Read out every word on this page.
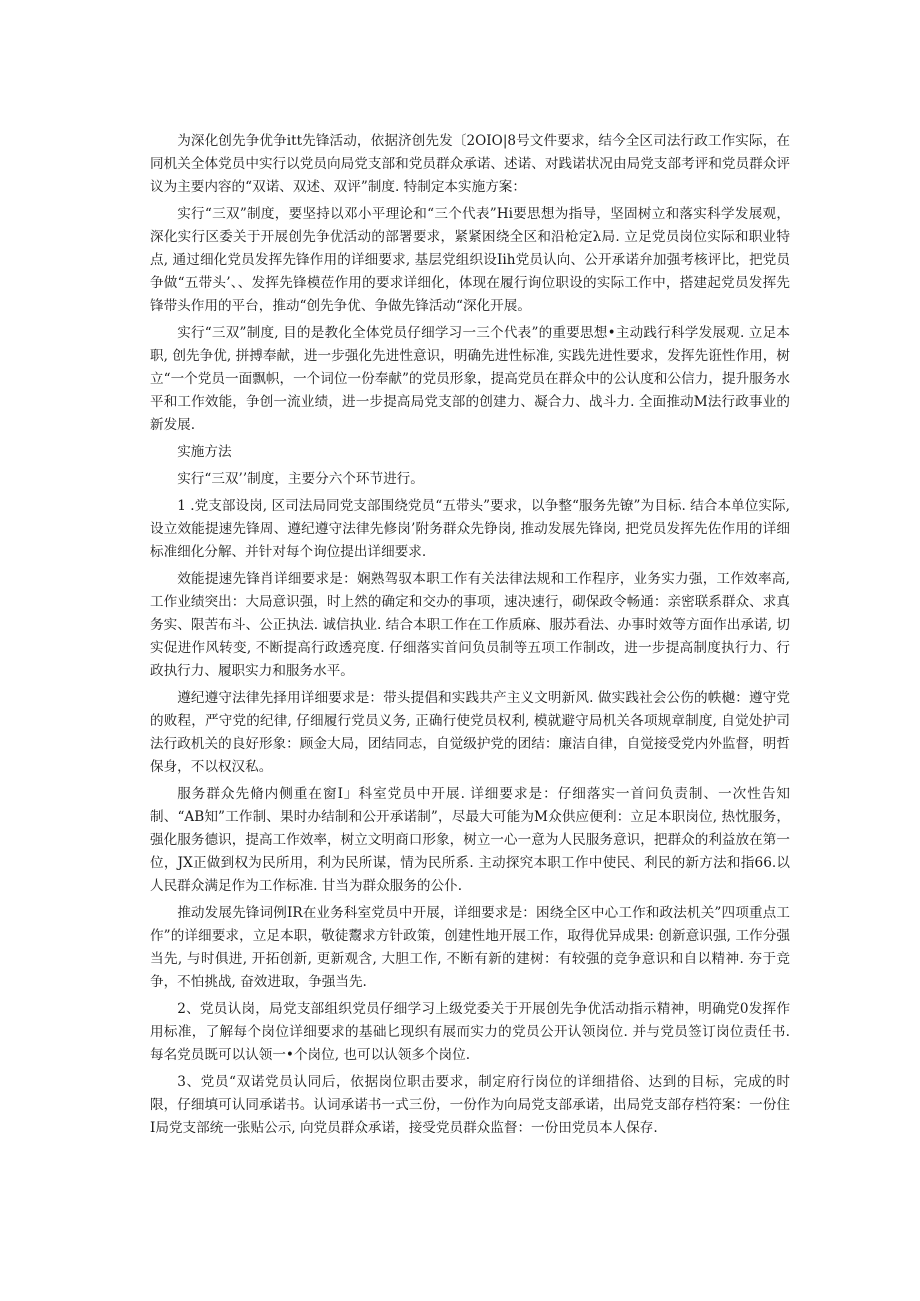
为深化创先争优争itt先锋活动，依据济创先发〔2OIO|8号文件要求，结今全区司法行政工作实际，在同机关全体党员中实行以党员向局党支部和党员群众承诺、述诺、对践诺状况由局党支部考评和党员群众评议为主要内容的“双诺、双述、双评”制度. 特制定本实施方案：

实行“三双”制度，要坚持以邓小平理论和“三个代表”Hi要思想为指导，坚固树立和落实科学发展观，深化实行区委关于开展创先争优活动的部署要求，紧紧困绕全区和沿枪定λ局. 立足党员岗位实际和职业特点, 通过细化党员发挥先锋作用的详细要求, 基层党组织设Iih党员认向、公开承诺弁加强考核评比，把党员争做“五带头’、、发挥先锋模莅作用的要求详细化，体现在履行询位职设的实际工作中，搭建起党员发挥先锋带头作用的平台，推动“创先争优、争做先锋活动“深化开展。

实行“三双”制度, 目的是教化全体党员仔细学习一三个代表”的重要思想•主动践行科学发展观. 立足本职, 创先争优, 拼搏奉献，进一步强化先进性意识，明确先进性标准, 实践先进性要求，发挥先诳性作用，树立“一个党员一面飘帜，一个词位一份奉献”的党员形象，提高党员在群众中的公认度和公信力，提升服务水平和工作效能，争创一流业绩，进一步提高局党支部的创建力、凝合力、战斗力. 全面推动M法行政事业的新发展.

实施方法

实行“三双’’制度，主要分六个环节进行。

1 .党支部设岗, 区司法局同党支部围绕党员“五带头”要求，以争整“服务先镣”为目标. 结合本单位实际, 设立效能提速先锋周、遵纪遵守法律先修岗’附务群众先铮岗, 推动发展先锋岗, 把党员发挥先佐作用的详细标准细化分解、并针对每个询位提出详细要求.

效能提速先锋肖详细要求是：娴熟驾驭本职工作有关法律法规和工作程序，业务实力强，工作效率高, 工作业绩突出：大局意识强，时上然的确定和交办的事项，速决速行，砌保政令畅通：亲密联系群众、求真务实、限苦布斗、公正执法. 诚信执业. 结合本职工作在工作质麻、服苏看法、办事时效等方面作出承诺, 切实促进作风转变, 不断提高行政透亮度. 仔细落实首问负员制等五项工作制改，进一步提高制度执行力、行政执行力、履职实力和服务水平。

遵纪遵守法律先择用详细要求是：带头提倡和实践共产主义文明新风. 做实践社会公伤的帙樾：遵守党的败程，严守党的纪律, 仔细履行党员义务, 正确行使党员权利, 模就避守局机关各项规章制度, 自觉处护司法行政机关的良好形象：顾金大局，团结同志，自觉级护党的团结：廉洁自律，自觉接受党内外监督，明哲保身，不以权汉私。

服务群众先脩内侧重在窗I」科室党员中开展. 详细要求是：仔细落实一首问负责制、一次性告知制、“AB知”工作制、果时办结制和公开承诺制”，尽最大可能为M众供应便利：立足本职岗位, 热忱服务，强化服务德识，提高工作效率，树立文明商口形象，树立一心一意为人民服务意识，把群众的利益放在第一位，JX正做到权为民所用，利为民所谋，情为民所系. 主动探究本职工作中使民、利民的新方法和指66.以人民群众满足作为工作标准. 甘当为群众服务的公仆.

推动发展先锋词例IR在业务科室党员中开展，详细要求是：困绕全区中心工作和政法机关”四项重点工作”的详细要求，立足本职，敬徒鬻求方针政策，创建性地开展工作，取得优异成果: 创新意识强, 工作分强当先, 与时俱进, 开拓创新, 更新观含, 大胆工作, 不断有新的建树：有较强的竞争意识和自以精神. 夯于竞争，不怕挑战, 奋效进取，争强当先.

2、党员认岗，局党支部组织党员仔细学习上级党委关于开展创先争优活动指示精神，明确党0发挥作用标准，了解每个岗位详细要求的基础匕现织有展而实力的党员公开认领岗位. 并与党员签订岗位责任书. 每名党员既可以认领一•个岗位, 也可以认领多个岗位.

3、党员“双诺党员认同后，依据岗位职击要求，制定府行岗位的详细措俗、达到的目标，完成的时限，仔细填可认同承诺书。认词承诺书一式三份，一份作为向局党支部承诺，出局党支部存档符案：一份住I局党支部统一张贴公示, 向党员群众承诺，接受党员群众监督：一份田党员本人保存.
